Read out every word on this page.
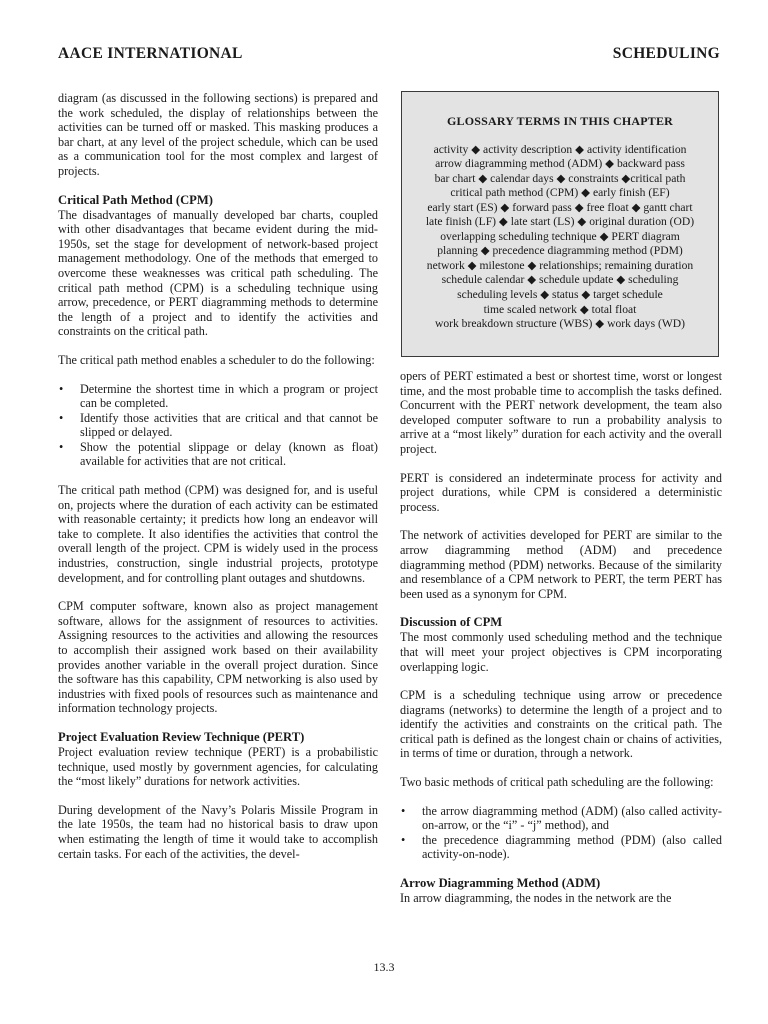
AACE INTERNATIONAL	SCHEDULING

diagram (as discussed in the following sections) is prepared and the work scheduled, the display of relationships between the activities can be turned off or masked. This masking produces a bar chart, at any level of the project schedule, which can be used as a communication tool for the most complex and largest of projects.

Critical Path Method (CPM)

The disadvantages of manually developed bar charts, coupled with other disadvantages that became evident during the mid-1950s, set the stage for development of network-based project management methodology. One of the methods that emerged to overcome these weaknesses was critical path scheduling. The critical path method (CPM) is a scheduling technique using arrow, precedence, or PERT diagramming methods to determine the length of a project and to identify the activities and constraints on the critical path.

The critical path method enables a scheduler to do the following:

• Determine the shortest time in which a program or project can be completed.
• Identify those activities that are critical and that cannot be slipped or delayed.
• Show the potential slippage or delay (known as float) available for activities that are not critical.

The critical path method (CPM) was designed for, and is useful on, projects where the duration of each activity can be estimated with reasonable certainty; it predicts how long an endeavor will take to complete. It also identifies the activities that control the overall length of the project. CPM is widely used in the process industries, construction, single industrial projects, prototype development, and for controlling plant outages and shutdowns.

CPM computer software, known also as project management software, allows for the assignment of resources to activities. Assigning resources to the activities and allowing the resources to accomplish their assigned work based on their availability provides another variable in the overall project duration. Since the software has this capability, CPM networking is also used by industries with fixed pools of resources such as maintenance and information technology projects.

Project Evaluation Review Technique (PERT)

Project evaluation review technique (PERT) is a probabilistic technique, used mostly by government agencies, for calculating the “most likely” durations for network activities.

During development of the Navy’s Polaris Missile Program in the late 1950s, the team had no historical basis to draw upon when estimating the length of time it would take to accomplish certain tasks. For each of the activities, the devel-

GLOSSARY TERMS IN THIS CHAPTER
activity ◆ activity description ◆ activity identification
arrow diagramming method (ADM) ◆ backward pass
bar chart ◆ calendar days ◆ constraints ◆critical path
critical path method (CPM) ◆ early finish (EF)
early start (ES) ◆ forward pass ◆ free float ◆ gantt chart
late finish (LF) ◆ late start (LS) ◆ original duration (OD)
overlapping scheduling technique ◆ PERT diagram
planning ◆ precedence diagramming method (PDM)
network ◆ milestone ◆ relationships; remaining duration
schedule calendar ◆ schedule update ◆ scheduling
scheduling levels ◆ status ◆ target schedule
time scaled network ◆ total float
work breakdown structure (WBS) ◆ work days (WD)

opers of PERT estimated a best or shortest time, worst or longest time, and the most probable time to accomplish the tasks defined. Concurrent with the PERT network development, the team also developed computer software to run a probability analysis to arrive at a “most likely” duration for each activity and the overall project.

PERT is considered an indeterminate process for activity and project durations, while CPM is considered a deterministic process.

The network of activities developed for PERT are similar to the arrow diagramming method (ADM) and precedence diagramming method (PDM) networks. Because of the similarity and resemblance of a CPM network to PERT, the term PERT has been used as a synonym for CPM.

Discussion of CPM

The most commonly used scheduling method and the technique that will meet your project objectives is CPM incorporating overlapping logic.

CPM is a scheduling technique using arrow or precedence diagrams (networks) to determine the length of a project and to identify the activities and constraints on the critical path. The critical path is defined as the longest chain or chains of activities, in terms of time or duration, through a network.

Two basic methods of critical path scheduling are the following:

• the arrow diagramming method (ADM) (also called activity-on-arrow, or the “i” - “j” method), and
• the precedence diagramming method (PDM) (also called activity-on-node).
Arrow Diagramming Method (ADM)

In arrow diagramming, the nodes in the network are the

13.3
